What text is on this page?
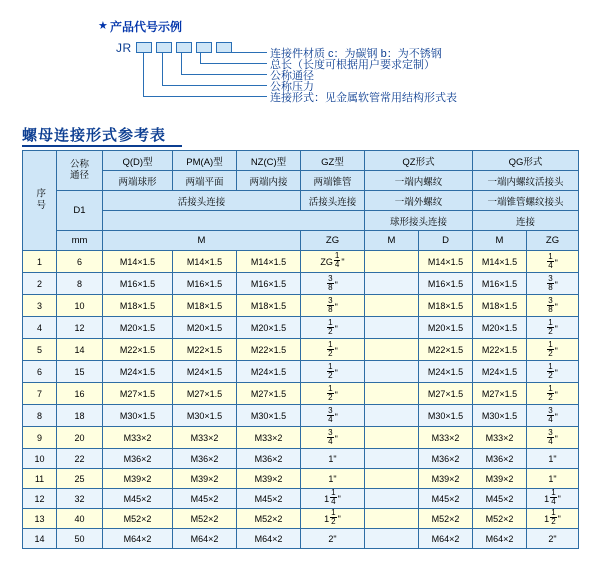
★ 产品代号示例
JR	连接件材质 c：为碳钢 b：为不锈钢
总长（长度可根据用户要求定制）
公称通径
公称压力
连接形式：见金属软管常用结构形式表
螺母连接形式参考表
序号	公称
通径	Q(D)型	PM(A)型	NZ(C)型	GZ型	QZ形式		QG形式	
		两端球形	两端平面	两端内接	两端锥管	一端内螺纹		一端内螺纹活接头	
	D1	活接头连接			活接头连接	一端外螺纹		一端锥管螺纹接头	
						球形接头连接		连接	
	mm	M			ZG	M	D	M	ZG
1	6	M14×1.5	M14×1.5	M14×1.5	ZG $\frac{1}{4}$ "		M14×1.5	M14×1.5	$\frac{1}{4}$ "

2	8	M16×1.5	M16×1.5	M16×1.5	$\frac{3}{8}$ "		M16×1.5	M16×1.5	$\frac{3}{8}$ "

3	10	M18×1.5	M18×1.5	M18×1.5	$\frac{3}{8}$ "		M18×1.5	M18×1.5	$\frac{3}{8}$ "

4	12	M20×1.5	M20×1.5	M20×1.5	$\frac{1}{2}$ "		M20×1.5	M20×1.5	$\frac{1}{2}$ "

5	14	M22×1.5	M22×1.5	M22×1.5	$\frac{1}{2}$ "		M22×1.5	M22×1.5	$\frac{1}{2}$ "

6	15	M24×1.5	M24×1.5	M24×1.5	$\frac{1}{2}$ "		M24×1.5	M24×1.5	$\frac{1}{2}$ "

7	16	M27×1.5	M27×1.5	M27×1.5	$\frac{1}{2}$ "		M27×1.5	M27×1.5	$\frac{1}{2}$ "

8	18	M30×1.5	M30×1.5	M30×1.5	$\frac{3}{4}$ "		M30×1.5	M30×1.5	$\frac{3}{4}$ "

9	20	M33×2	M33×2	M33×2	$\frac{3}{4}$ "		M33×2	M33×2	$\frac{3}{4}$ "

10	22	M36×2	M36×2	M36×2	1"		M36×2	M36×2	1"
11	25	M39×2	M39×2	M39×2	1"		M39×2	M39×2	1"
12	32	M45×2	M45×2	M45×2	$1 \frac{1}{4}$ "		M45×2	M45×2	$1 \frac{1}{4}$ "

13	40	M52×2	M52×2	M52×2	$1 \frac{1}{2}$ "		M52×2	M52×2	$1 \frac{1}{2}$ "

14	50	M64×2	M64×2	M64×2	2"		M64×2	M64×2	2"
